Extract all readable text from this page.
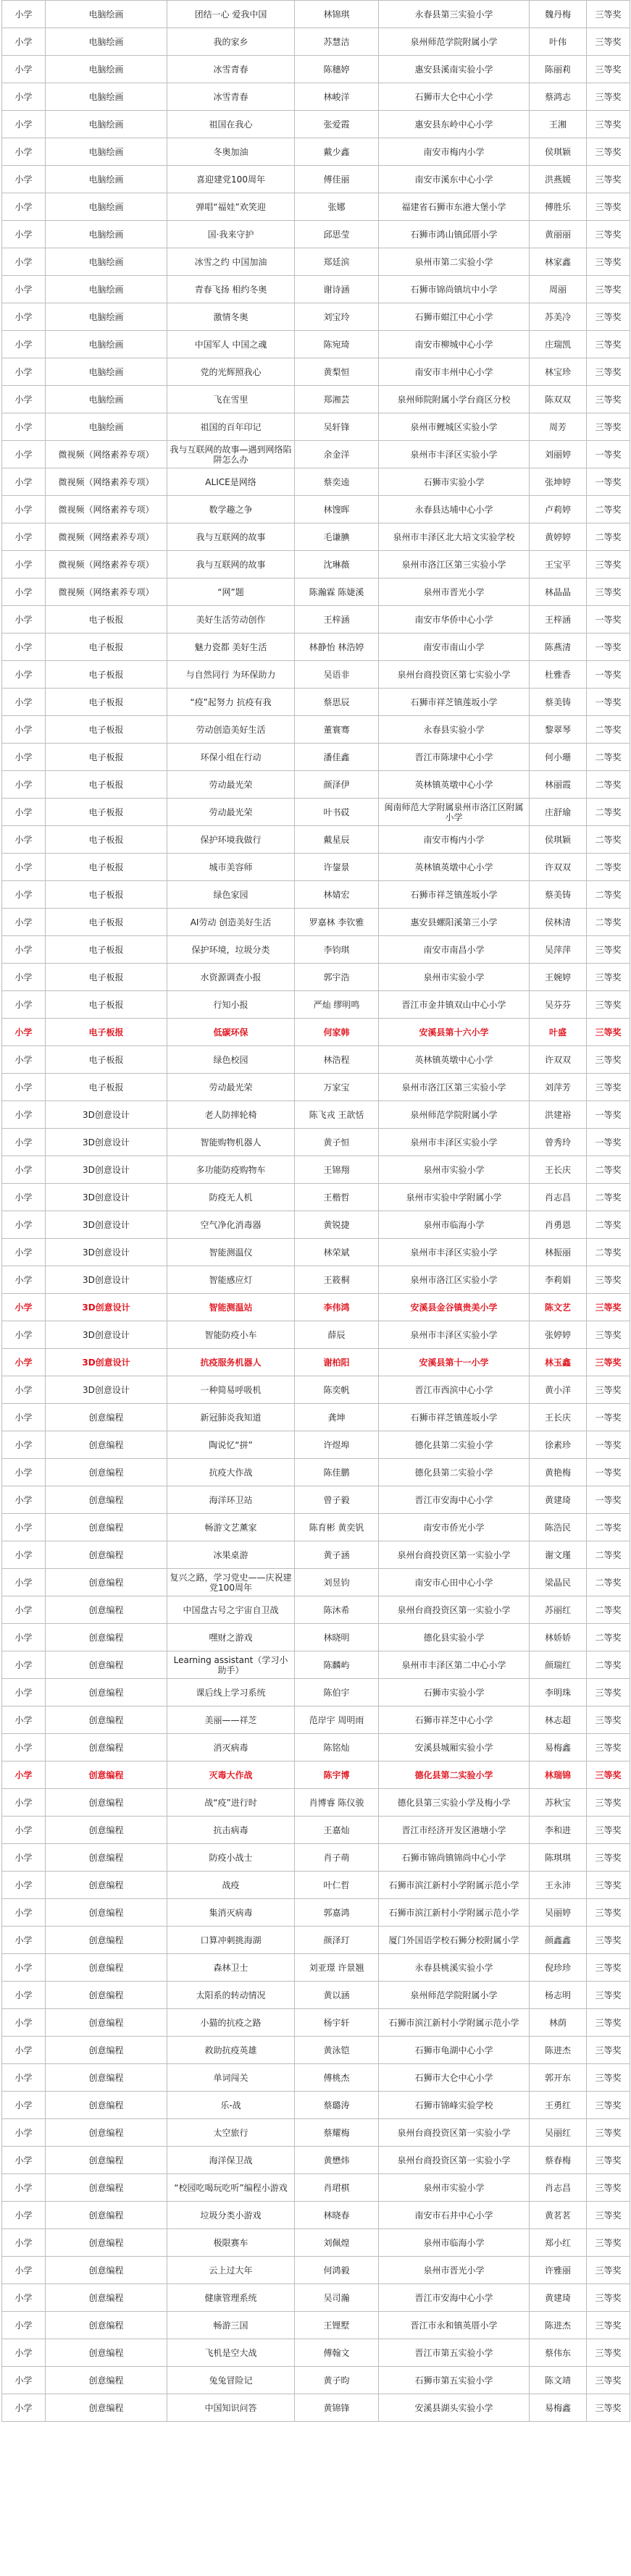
小学	电脑绘画	团结一心 爱我中国	林锦琪	永春县第三实验小学	魏丹梅	三等奖
小学	电脑绘画	我的家乡	苏慧洁	泉州师范学院附属小学	叶伟	三等奖
小学	电脑绘画	冰雪青春	陈穗婷	惠安县溪南实验小学	陈丽莉	三等奖
小学	电脑绘画	冰雪青春	林峻洋	石狮市大仑中心小学	蔡鸿志	三等奖
小学	电脑绘画	祖国在我心	张爱霞	惠安县东岭中心小学	王湘	三等奖
小学	电脑绘画	冬奥加油	戴少鑫	南安市梅内小学	侯琪颖	三等奖
小学	电脑绘画	喜迎建党100周年	傅佳丽	南安市溪东中心小学	洪燕媛	三等奖
小学	电脑绘画	弹唱“福娃”欢笑迎	张娜	福建省石狮市东港大堡小学	傅胜乐	三等奖
小学	电脑绘画	国·我来守护	邱思莹	石狮市鸿山镇邱厝小学	黄丽丽	三等奖
小学	电脑绘画	冰雪之约 中国加油	郑廷滨	泉州市第二实验小学	林家鑫	三等奖
小学	电脑绘画	青春飞扬 相约冬奥	谢诗涵	石狮市锦尚镇坑中小学	周丽	三等奖
小学	电脑绘画	激情冬奥	刘宝玲	石狮市蚶江中心小学	苏美冷	三等奖
小学	电脑绘画	中国军人 中国之魂	陈宛琦	南安市柳城中心小学	庄瑞凯	三等奖
小学	电脑绘画	党的光辉照我心	黄梨恒	南安市丰州中心小学	林宝珍	三等奖
小学	电脑绘画	飞在雪里	郑湘芸	泉州师院附属小学台商区分校	陈双双	三等奖
小学	电脑绘画	祖国的百年印记	吴轩锋	泉州市鲤城区实验小学	周芳	三等奖
小学	微视频（网络素养专项）	我与互联网的故事—遇到网络陷阱怎么办	余金洋	泉州市丰泽区实验小学	刘丽婷	一等奖
小学	微视频（网络素养专项）	ALICE是网络	蔡奕逵	石狮市实验小学	张坤婷	一等奖
小学	微视频（网络素养专项）	数学趣之争	林馊晖	永春县达埔中心小学	卢莉婷	二等奖
小学	微视频（网络素养专项）	我与互联网的故事	毛谦腆	泉州市丰泽区北大培文实验学校	黄婷婷	二等奖
小学	微视频（网络素养专项）	我与互联网的故事	沈琳薇	泉州市洛江区第三实验小学	王宝平	三等奖
小学	微视频（网络素养专项）	“网”题	陈瀚霖 陈婕溪	泉州市晋光小学	林晶晶	三等奖
小学	电子板报	美好生活劳动创作	王梓涵	南安市华侨中心小学	王梓涵	一等奖
小学	电子板报	魅力瓷都 美好生活	林静怡 林浩婷	南安市南山小学	陈燕清	一等奖
小学	电子板报	与自然同行 为环保助力	吴语非	泉州台商投资区第七实验小学	杜雅香	一等奖
小学	电子板报	“疫”起努力 抗疫有我	蔡思辰	石狮市祥芝镇莲坂小学	蔡美铸	一等奖
小学	电子板报	劳动创造美好生活	董寰骞	永春县实验小学	黎翠琴	二等奖
小学	电子板报	环保小组在行动	潘佳鑫	晋江市陈埭中心小学	何小珊	二等奖
小学	电子板报	劳动最光荣	颜泽伊	英林镇英墩中心小学	林丽霞	二等奖
小学	电子板报	劳动最光荣	叶书砹	闽南师范大学附属泉州市洛江区附属小学	庄舒瑜	二等奖
小学	电子板报	保护环境我做行	戴星辰	南安市梅内小学	侯琪颖	二等奖
小学	电子板报	城市美容师	许鋆景	英林镇英墩中心小学	许双双	二等奖
小学	电子板报	绿色家园	林婧宏	石狮市祥芝镇莲坂小学	蔡美铸	二等奖
小学	电子板报	AI劳动 创造美好生活	罗嘉林 李钦雅	惠安县螺阳溪第三小学	侯林清	二等奖
小学	电子板报	保护环境，垃圾分类	李钧琪	南安市南昌小学	吴萍萍	三等奖
小学	电子板报	水资源调查小报	郭宇浩	泉州市实验小学	王婉婷	三等奖
小学	电子板报	行知小报	严灿 缪明鸣	晋江市金井镇双山中心小学	吴芬芬	三等奖
小学	电子板报	低碳环保	何家韩	安溪县第十六小学	叶盛	三等奖
小学	电子板报	绿色校园	林浩程	英林镇英墩中心小学	许双双	三等奖
小学	电子板报	劳动最光荣	万家宝	泉州市洛江区第三实验小学	刘萍芳	三等奖
小学	3D创意设计	老人防摔轮椅	陈飞戎 王歆恬	泉州师范学院附属小学	洪建裕	一等奖
小学	3D创意设计	智能购物机器人	黄子恒	泉州市丰泽区实验小学	曾秀玲	一等奖
小学	3D创意设计	多功能防疫购物车	王锦翔	泉州市实验小学	王长庆	二等奖
小学	3D创意设计	防疫无人机	王楷哲	泉州市实验中学附属小学	肖志昌	二等奖
小学	3D创意设计	空气净化消毒器	黄锐捷	泉州市临海小学	肖勇恩	二等奖
小学	3D创意设计	智能测温仪	林荣斌	泉州市丰泽区实验小学	林振丽	二等奖
小学	3D创意设计	智能感应灯	王筱桐	泉州市洛江区实验小学	李莉娟	三等奖
小学	3D创意设计	智能测温站	李伟鸿	安溪县金谷镇贵美小学	陈文艺	三等奖
小学	3D创意设计	智能防疫小车	薛辰	泉州市丰泽区实验小学	张婷婷	三等奖
小学	3D创意设计	抗疫服务机器人	谢柏阳	安溪县第十一小学	林玉鑫	三等奖
小学	3D创意设计	一种简易呼吸机	陈奕帆	晋江市西滨中心小学	黄小洋	三等奖
小学	创意编程	新冠肺炎我知道	龚坤	石狮市祥芝镇莲坂小学	王长庆	一等奖
小学	创意编程	陶说忆“拼”	许煜埠	德化县第二实验小学	徐素珍	一等奖
小学	创意编程	抗疫大作战	陈佳鹏	德化县第二实验小学	黄艳梅	一等奖
小学	创意编程	海洋环卫站	曾子毅	晋江市安海中心小学	黄建琦	一等奖
小学	创意编程	畅游文艺薰家	陈育彬 黄奕钒	南安市侨光小学	陈浩民	二等奖
小学	创意编程	冰果桌游	黄子涵	泉州台商投资区第一实验小学	谢文瑾	二等奖
小学	创意编程	复兴之路，学习党史——庆祝建党100周年	刘昱钧	南安市心田中心小学	梁晶民	二等奖
小学	创意编程	中国盘古号之宇宙自卫战	陈沐希	泉州台商投资区第一实验小学	苏丽红	二等奖
小学	创意编程	嘿财之游戏	林晓明	德化县实验小学	林娇娇	二等奖
小学	创意编程	Learning assistant（学习小助手）	陈麟屿	泉州市丰泽区第二中心小学	颜瑞红	二等奖
小学	创意编程	课后线上学习系统	陈伯宇	石狮市实验小学	李明珠	三等奖
小学	创意编程	美丽——祥芝	范岸宇 周明雨	石狮市祥芝中心小学	林志超	三等奖
小学	创意编程	消灭病毒	陈铭灿	安溪县城厢实验小学	易梅鑫	三等奖
小学	创意编程	灭毒大作战	陈宇博	德化县第二实验小学	林瑞锦	三等奖
小学	创意编程	战“疫”进行时	肖博睿 陈仪骏	德化县第三实验小学及梅小学	苏秋宝	三等奖
小学	创意编程	抗击病毒	王嘉灿	晋江市经济开发区港塘小学	李和进	三等奖
小学	创意编程	防疫小战士	肖子萌	石狮市锦尚镇锦尚中心小学	陈琪琪	三等奖
小学	创意编程	战疫	叶仁哲	石狮市滨江新村小学附属示范小学	王永沛	三等奖
小学	创意编程	集消灭病毒	郭嘉鸿	石狮市滨江新村小学附属示范小学	吴丽婷	三等奖
小学	创意编程	口算冲刺挑海湖	颜泽玎	厦门外国语学校石狮分校附属小学	颜鑫鑫	三等奖
小学	创意编程	森林卫士	刘亚璟 许景翘	永春县桃溪实验小学	倪珍珍	三等奖
小学	创意编程	太阳系的转动情况	黄以涵	泉州师范学院附属小学	杨志明	三等奖
小学	创意编程	小猫的抗疫之路	杨宇轩	石狮市滨江新村小学附属示范小学	林荫	三等奖
小学	创意编程	救助抗疫英雄	黄泳铠	石狮市龟湖中心小学	陈进杰	三等奖
小学	创意编程	单词闯关	傅桃杰	石狮市大仑中心小学	郭开东	三等奖
小学	创意编程	乐-战	蔡璐涛	石狮市锦峰实验学校	王勇红	三等奖
小学	创意编程	太空旅行	蔡耀梅	泉州台商投资区第一实验小学	吴丽红	三等奖
小学	创意编程	海洋保卫战	黄懋炜	泉州台商投资区第一实验小学	蔡春梅	三等奖
小学	创意编程	“校园吃喝玩吃听”编程小游戏	肖珺棋	泉州市实验小学	肖志昌	三等奖
小学	创意编程	垃圾分类小游戏	林晓春	南安市石井中心小学	黄茗茗	三等奖
小学	创意编程	极限赛车	刘佩煌	泉州市临海小学	郑小红	三等奖
小学	创意编程	云上过大年	何鸿毅	泉州市晋光小学	许雅丽	三等奖
小学	创意编程	健康管理系统	吴司瀚	晋江市安海中心小学	黄建琦	三等奖
小学	创意编程	畅游三国	王锂墅	晋江市永和镇英厝小学	陈进杰	三等奖
小学	创意编程	飞机是空大战	傅翰文	晋江市第五实验小学	蔡伟东	三等奖
小学	创意编程	兔兔冒险记	黄子昀	石狮市第五实验小学	陈文靖	三等奖
小学	创意编程	中国知识问答	黄锦锋	安溪县湖头实验小学	易梅鑫	三等奖
